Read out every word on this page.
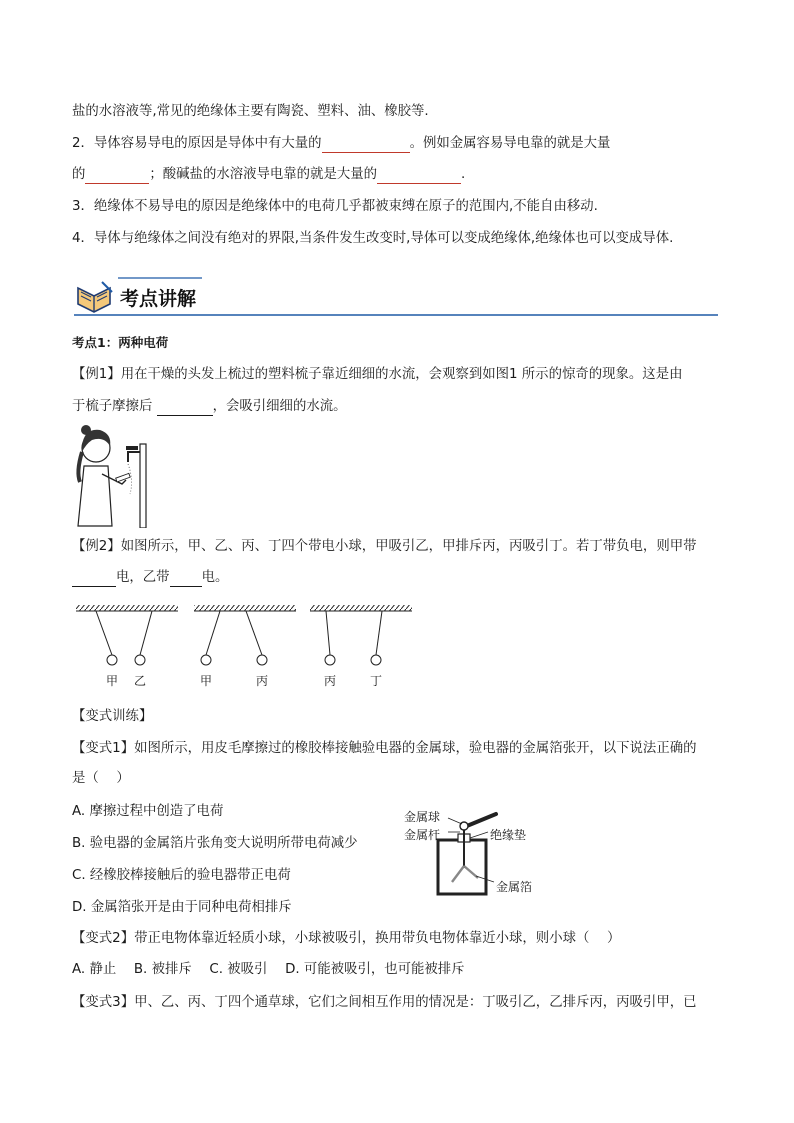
盐的水溶液等,常见的绝缘体主要有陶瓷、塑料、油、橡胶等.
2．导体容易导电的原因是导体中有大量的	。例如金属容易导电靠的就是大量
的	；酸碱盐的水溶液导电靠的就是大量的	.
3．绝缘体不易导电的原因是绝缘体中的电荷几乎都被束缚在原子的范围内,不能自由移动.
4．导体与绝缘体之间没有绝对的界限,当条件发生改变时,导体可以变成绝缘体,绝缘体也可以变成导体.
考点讲解
考点1：两种电荷
【例1】用在干燥的头发上梳过的塑料梳子靠近细细的水流，会观察到如图1 所示的惊奇的现象。这是由
于梳子摩擦后	，会吸引细细的水流。
【例2】如图所示，甲、乙、丙、丁四个带电小球，甲吸引乙，甲排斥丙，丙吸引丁。若丁带负电，则甲带
电，乙带 电。
甲 乙	甲	丙	丙	丁
【变式训练】
【变式1】如图所示，用皮毛摩擦过的橡胶棒接触验电器的金属球，验电器的金属箔张开，以下说法正确的
是（　 ）
A. 摩擦过程中创造了电荷
B. 验电器的金属箔片张角变大说明所带电荷减少
C. 经橡胶棒接触后的验电器带正电荷
D. 金属箔张开是由于同种电荷相排斥
金属球
金属杆	绝缘垫
金属箔
【变式2】带正电物体靠近轻质小球，小球被吸引，换用带负电物体靠近小球，则小球（　 ）
A. 静止　 B. 被排斥　 C. 被吸引　 D. 可能被吸引，也可能被排斥
【变式3】甲、乙、丙、丁四个通草球，它们之间相互作用的情况是：丁吸引乙，乙排斥丙，丙吸引甲，已
